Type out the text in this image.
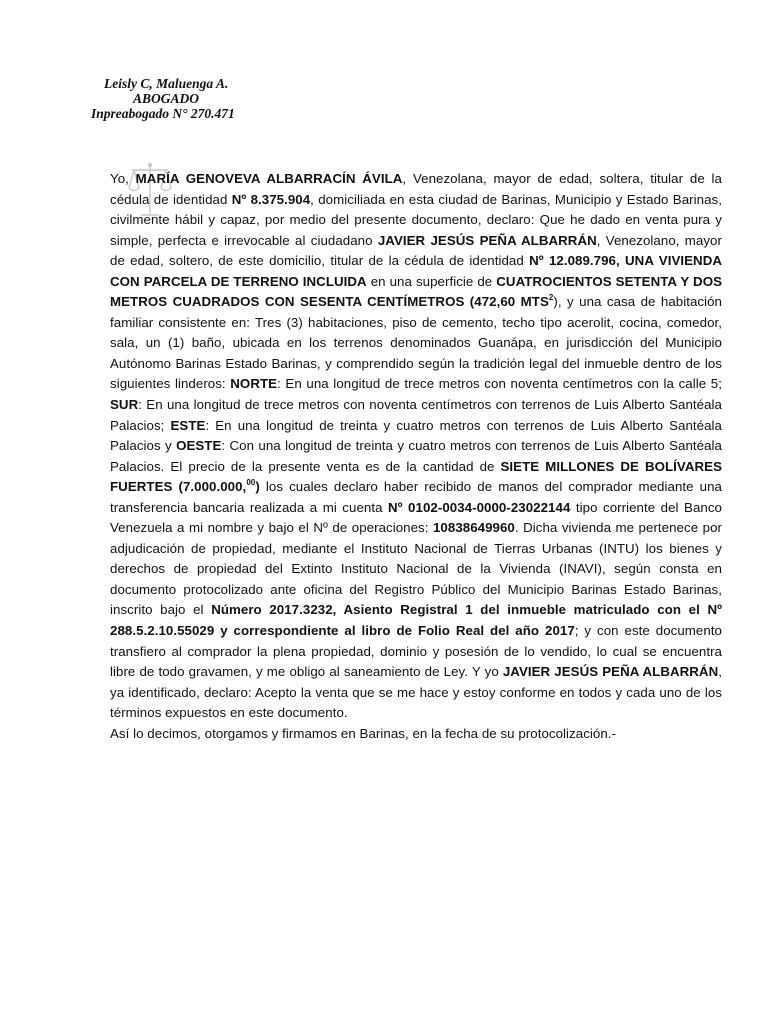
Leisly C, Maluenga A.
ABOGADO
Inpreabogado N° 270.471

Yo, MARÍA GENOVEVA ALBARRACÍN ÁVILA, Venezolana, mayor de edad, soltera, titular de la cédula de identidad Nº 8.375.904, domiciliada en esta ciudad de Barinas, Municipio y Estado Barinas, civilmente hábil y capaz, por medio del presente documento, declaro: Que he dado en venta pura y simple, perfecta e irrevocable al ciudadano JAVIER JESÚS PEÑA ALBARRÁN, Venezolano, mayor de edad, soltero, de este domicilio, titular de la cédula de identidad Nº 12.089.796, UNA VIVIENDA CON PARCELA DE TERRENO INCLUIDA en una superficie de CUATROCIENTOS SETENTA Y DOS METROS CUADRADOS CON SESENTA CENTÍMETROS (472,60 MTS$^2$), y una casa de habitación familiar consistente en: Tres (3) habitaciones, piso de cemento, techo tipo acerolit, cocina, comedor, sala, un (1) baño, ubicada en los terrenos denominados Guanápa, en jurisdicción del Municipio Autónomo Barinas Estado Barinas, y comprendido según la tradición legal del inmueble dentro de los siguientes linderos: NORTE: En una longitud de trece metros con noventa centímetros con la calle 5; SUR: En una longitud de trece metros con noventa centímetros con terrenos de Luis Alberto Santéala Palacios; ESTE: En una longitud de treinta y cuatro metros con terrenos de Luis Alberto Santéala Palacios y OESTE: Con una longitud de treinta y cuatro metros con terrenos de Luis Alberto Santéala Palacios. El precio de la presente venta es de la cantidad de SIETE MILLONES DE BOLÍVARES FUERTES (7.000.000,00) los cuales declaro haber recibido de manos del comprador mediante una transferencia bancaria realizada a mi cuenta Nº 0102-0034-0000-23022144 tipo corriente del Banco Venezuela a mi nombre y bajo el Nº de operaciones: 10838649960. Dicha vivienda me pertenece por adjudicación de propiedad, mediante el Instituto Nacional de Tierras Urbanas (INTU) los bienes y derechos de propiedad del Extinto Instituto Nacional de la Vivienda (INAVI), según consta en documento protocolizado ante oficina del Registro Público del Municipio Barinas Estado Barinas, inscrito bajo el Número 2017.3232, Asiento Registral 1 del inmueble matriculado con el Nº 288.5.2.10.55029 y correspondiente al libro de Folio Real del año 2017; y con este documento transfiero al comprador la plena propiedad, dominio y posesión de lo vendido, lo cual se encuentra libre de todo gravamen, y me obligo al saneamiento de Ley. Y yo JAVIER JESÚS PEÑA ALBARRÁN, ya identificado, declaro: Acepto la venta que se me hace y estoy conforme en todos y cada uno de los términos expuestos en este documento.

Así lo decimos, otorgamos y firmamos en Barinas, en la fecha de su protocolización.-
